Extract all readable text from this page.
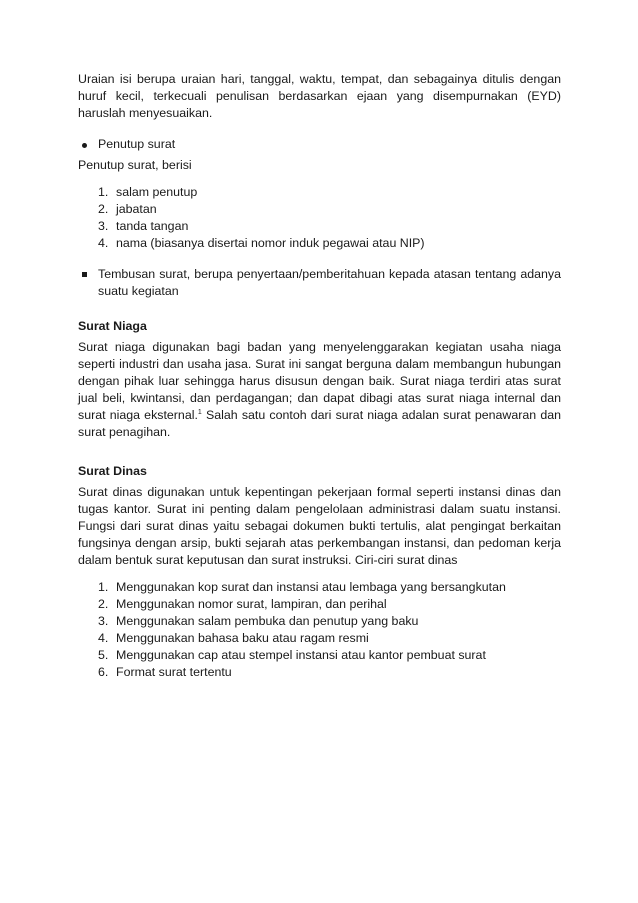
Uraian isi berupa uraian hari, tanggal, waktu, tempat, dan sebagainya ditulis dengan huruf kecil, terkecuali penulisan berdasarkan ejaan yang disempurnakan (EYD) haruslah menyesuaikan.

Penutup surat

Penutup surat, berisi

1. salam penutup
2. jabatan
3. tanda tangan
4. nama (biasanya disertai nomor induk pegawai atau NIP)
Tembusan surat, berupa penyertaan/pemberitahuan kepada atasan tentang adanya suatu kegiatan

Surat Niaga

Surat niaga digunakan bagi badan yang menyelenggarakan kegiatan usaha niaga seperti industri dan usaha jasa. Surat ini sangat berguna dalam membangun hubungan dengan pihak luar sehingga harus disusun dengan baik. Surat niaga terdiri atas surat jual beli, kwintansi, dan perdagangan; dan dapat dibagi atas surat niaga internal dan surat niaga eksternal.$^1$ Salah satu contoh dari surat niaga adalan surat penawaran dan surat penagihan.

Surat Dinas

Surat dinas digunakan untuk kepentingan pekerjaan formal seperti instansi dinas dan tugas kantor. Surat ini penting dalam pengelolaan administrasi dalam suatu instansi. Fungsi dari surat dinas yaitu sebagai dokumen bukti tertulis, alat pengingat berkaitan fungsinya dengan arsip, bukti sejarah atas perkembangan instansi, dan pedoman kerja dalam bentuk surat keputusan dan surat instruksi. Ciri-ciri surat dinas

1. Menggunakan kop surat dan instansi atau lembaga yang bersangkutan
2. Menggunakan nomor surat, lampiran, dan perihal
3. Menggunakan salam pembuka dan penutup yang baku
4. Menggunakan bahasa baku atau ragam resmi
5. Menggunakan cap atau stempel instansi atau kantor pembuat surat
6. Format surat tertentu
